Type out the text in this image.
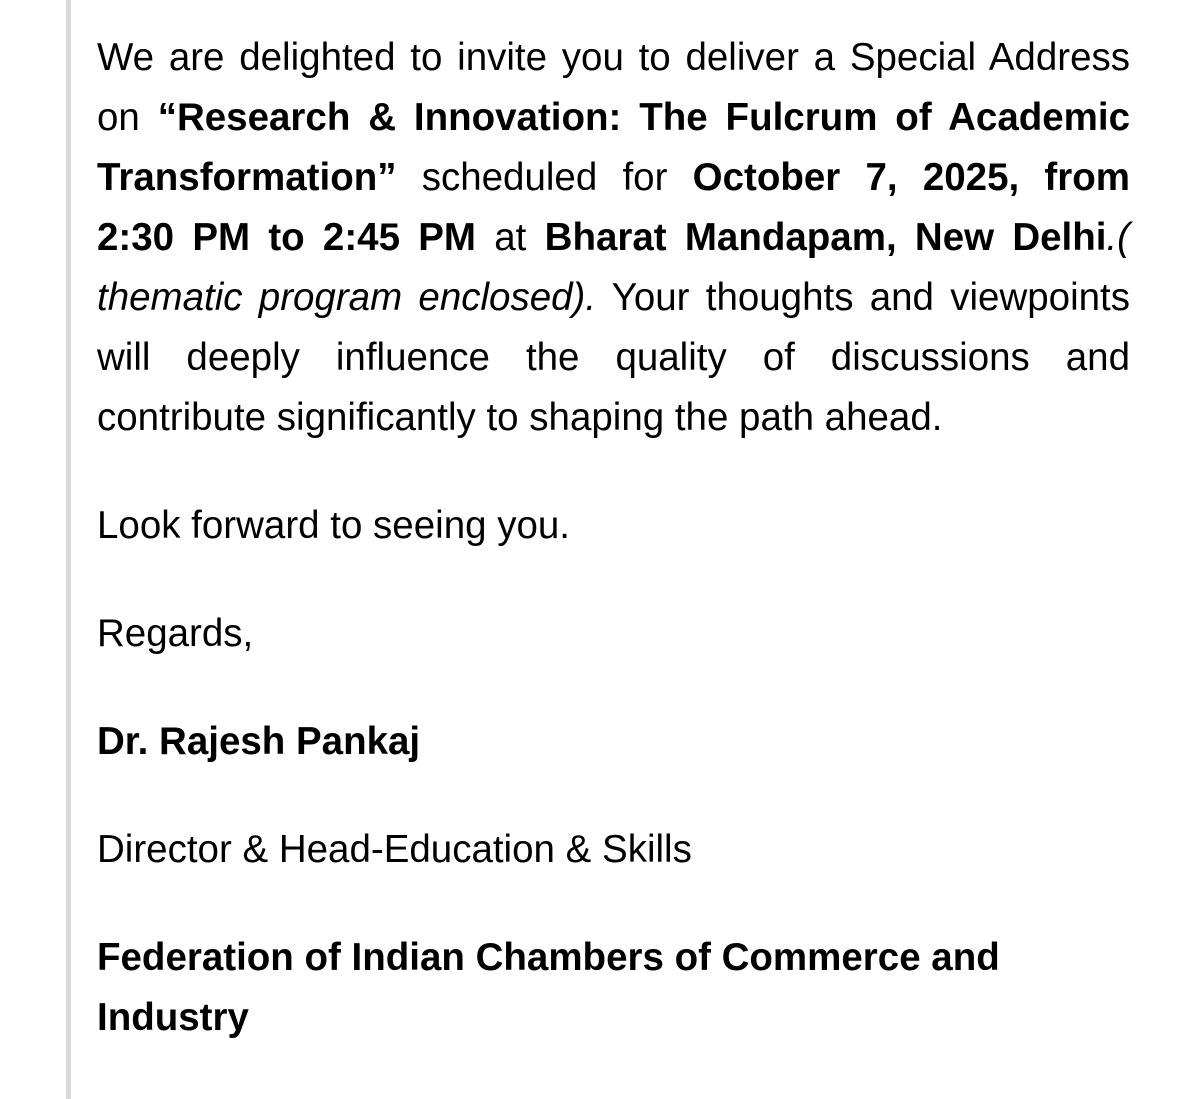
We are delighted to invite you to deliver a Special Address on “Research & Innovation: The Fulcrum of Academic Transformation” scheduled for October 7, 2025, from 2:30 PM to 2:45 PM at Bharat Mandapam, New Delhi.( thematic program enclosed). Your thoughts and viewpoints will deeply influence the quality of discussions and contribute significantly to shaping the path ahead.

Look forward to seeing you.

Regards,

Dr. Rajesh Pankaj

Director & Head-Education & Skills

Federation of Indian Chambers of Commerce and Industry
